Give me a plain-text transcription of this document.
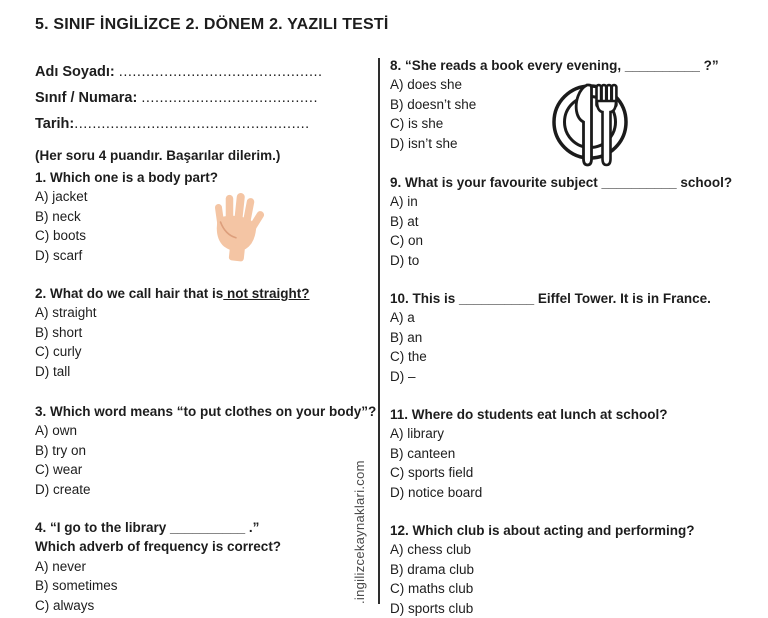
5. SINIF İNGİLİZCE 2. DÖNEM 2. YAZILI TESTİ
Adı Soyadı: .............................................
Sınıf / Numara: .......................................
Tarih:....................................................
(Her soru 4 puandır. Başarılar dilerim.)
1. Which one is a body part?
A) jacket
B) neck
C) boots
D) scarf
2. What do we call hair that is not straight?
A) straight
B) short
C) curly
D) tall
3. Which word means “to put clothes on your body”?
A) own
B) try on
C) wear
D) create
4. “I go to the library __________ .”
Which adverb of frequency is correct?
A) never
B) sometimes
C) always
.ingilizcekaynaklari.com
8. “She reads a book every evening, __________ ?”
A) does she
B) doesn’t she
C) is she
D) isn’t she
9. What is your favourite subject __________ school?
A) in
B) at
C) on
D) to
10. This is __________ Eiffel Tower. It is in France.
A) a
B) an
C) the
D) –
11. Where do students eat lunch at school?
A) library
B) canteen
C) sports field
D) notice board
12. Which club is about acting and performing?
A) chess club
B) drama club
C) maths club
D) sports club
